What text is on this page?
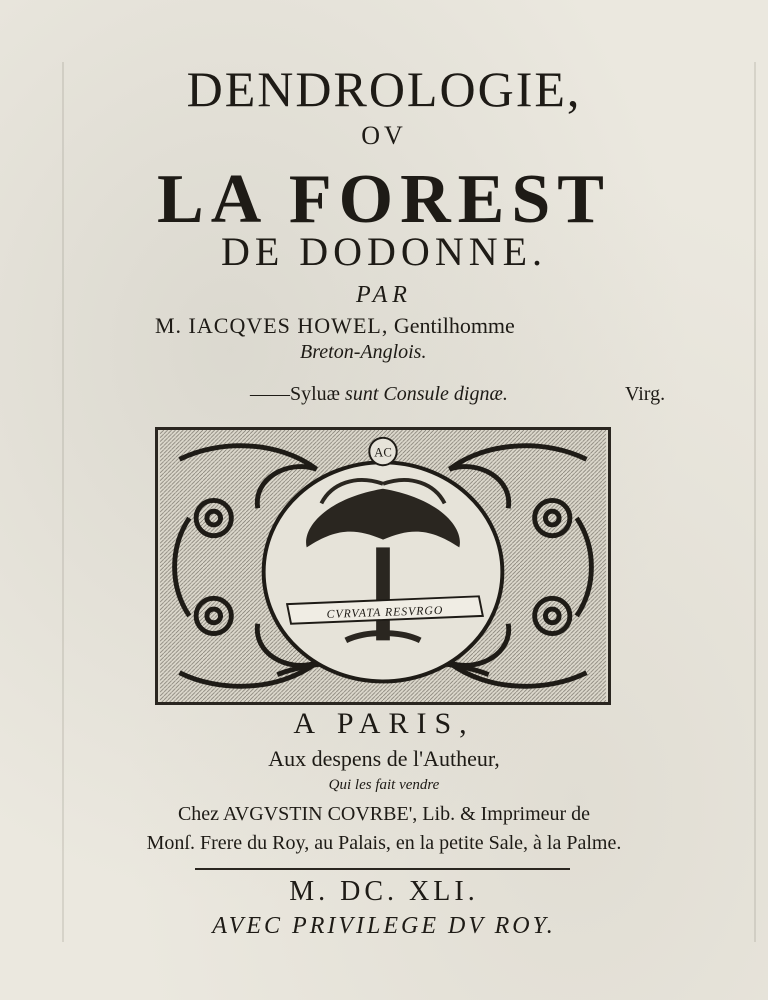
DENDROLOGIE,
OV
LA FOREST
DE DODONNE.
PAR
M. IACQVES HOWEL, Gentilhomme
Breton-Anglois.
——Syluæ sunt Consule dignæ.	Virg.
AC
CVRVATA RESVRGO
A PARIS,
Aux despens de l'Autheur,
Qui les fait vendre
Chez AVGVSTIN COVRBE', Lib. & Imprimeur de
Monſ. Frere du Roy, au Palais, en la petite Sale, à la Palme.
M. DC. XLI.
AVEC PRIVILEGE DV ROY.
